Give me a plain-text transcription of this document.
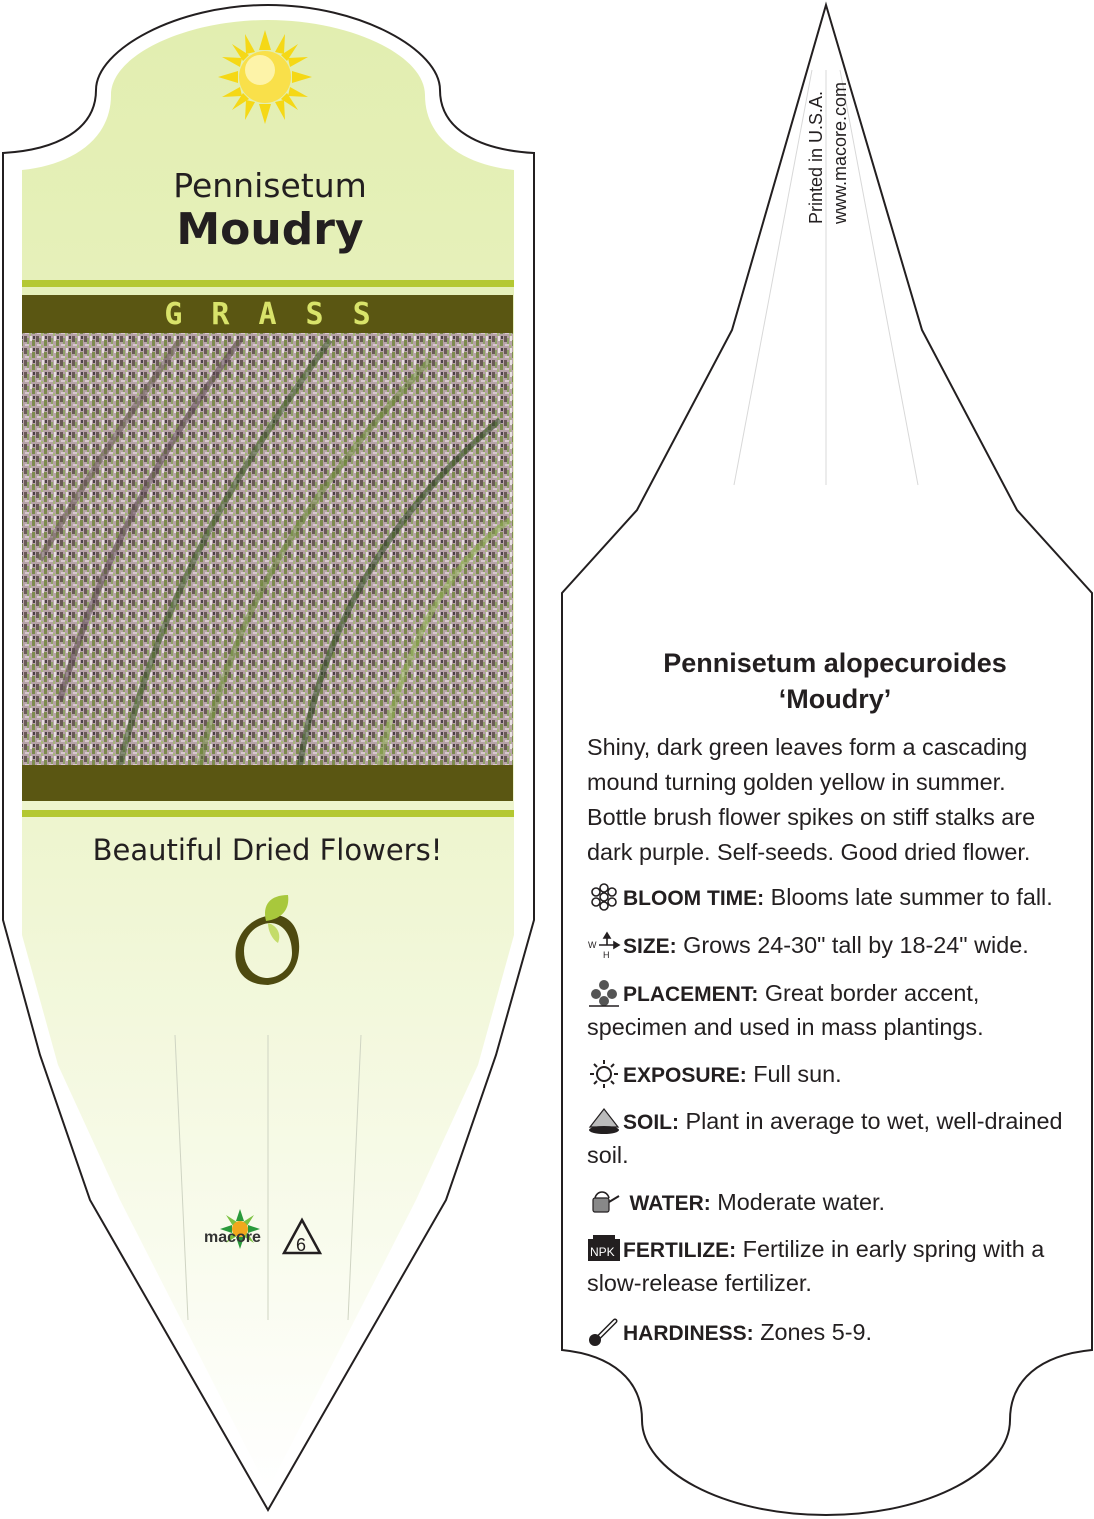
Pennisetum
Moudry
GRASS
Beautiful Dried Flowers!
macore 6
Printed in U.S.A. www.macore.com
Pennisetum alopecuroides
‘Moudry’
Shiny, dark green leaves form a cascading mound turning golden yellow in summer. Bottle brush flower spikes on stiff stalks are dark purple. Self-seeds. Good dried flower.
BLOOM TIME: Blooms late summer to fall.
W
H SIZE: Grows 24-30" tall by 18-24" wide.
PLACEMENT: Great border accent, specimen and used in mass plantings.
EXPOSURE: Full sun.
SOIL: Plant in average to wet, well-drained soil.
WATER: Moderate water.
NPK FERTILIZE: Fertilize in early spring with a slow-release fertilizer.
HARDINESS: Zones 5-9.
